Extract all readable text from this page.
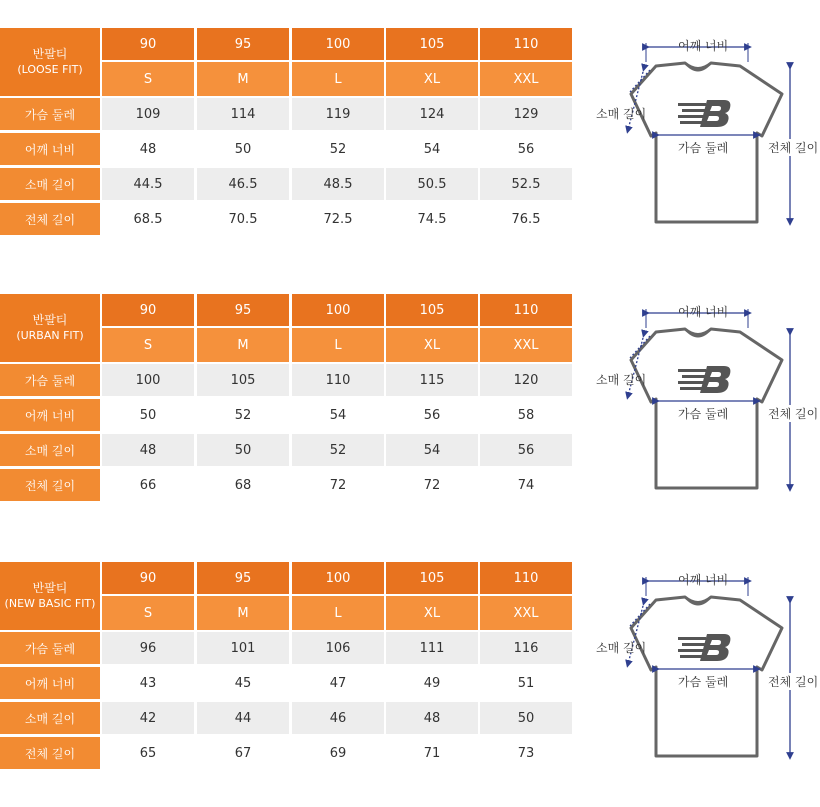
반팔티
(LOOSE FIT)
90	95	100	105	110
S	M	L	XL	XXL
가슴 둘레	109	114	119	124	129
어깨 너비	48	50	52	54	56
소매 길이	44.5	46.5	48.5	50.5	52.5
전체 길이	68.5	70.5	72.5	74.5	76.5
어깨 너비
소매 길이
가슴 둘레	전체 길이
반팔티
(URBAN FIT)
90	95	100	105	110
S	M	L	XL	XXL
가슴 둘레	100	105	110	115	120
어깨 너비	50	52	54	56	58
소매 길이	48	50	52	54	56
전체 길이	66	68	72	72	74
어깨 너비
소매 길이
가슴 둘레	전체 길이
반팔티
(NEW BASIC FIT)
90	95	100	105	110
S	M	L	XL	XXL
가슴 둘레	96	101	106	111	116
어깨 너비	43	45	47	49	51
소매 길이	42	44	46	48	50
전체 길이	65	67	69	71	73
어깨 너비
소매 길이
가슴 둘레	전체 길이
